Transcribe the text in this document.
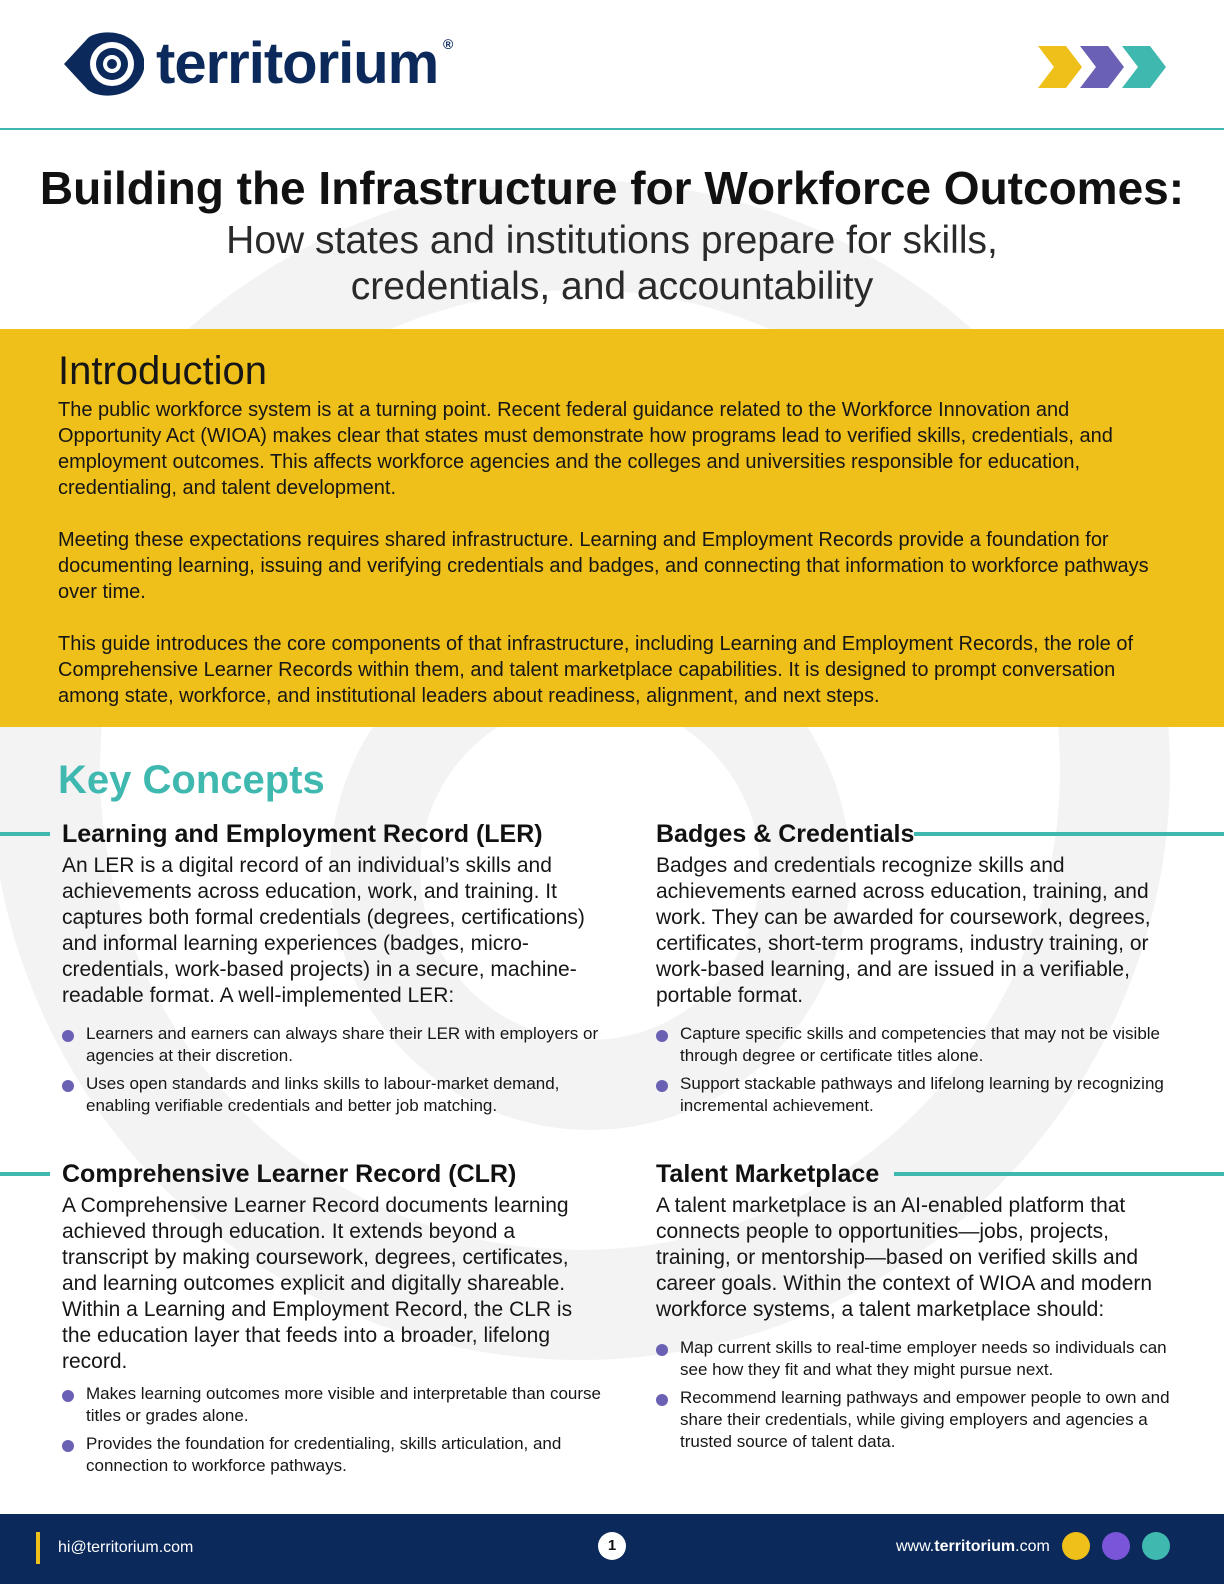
territorium ®
Building the Infrastructure for Workforce Outcomes:
How states and institutions prepare for skills,
credentials, and accountability
Introduction

The public workforce system is at a turning point. Recent federal guidance related to the Workforce Innovation and Opportunity Act (WIOA) makes clear that states must demonstrate how programs lead to verified skills, credentials, and employment outcomes. This affects workforce agencies and the colleges and universities responsible for education, credentialing, and talent development.

Meeting these expectations requires shared infrastructure. Learning and Employment Records provide a foundation for documenting learning, issuing and verifying credentials and badges, and connecting that information to workforce pathways over time.

This guide introduces the core components of that infrastructure, including Learning and Employment Records, the role of Comprehensive Learner Records within them, and talent marketplace capabilities. It is designed to prompt conversation among state, workforce, and institutional leaders about readiness, alignment, and next steps.

Key Concepts
Learning and Employment Record (LER)

An LER is a digital record of an individual’s skills and achievements across education, work, and training. It captures both formal credentials (degrees, certifications) and informal learning experiences (badges, micro-credentials, work-based projects) in a secure, machine-readable format. A well-implemented LER:

Learners and earners can always share their LER with employers or agencies at their discretion.
Uses open standards and links skills to labour-market demand, enabling verifiable credentials and better job matching.
Badges & Credentials

Badges and credentials recognize skills and achievements earned across education, training, and work. They can be awarded for coursework, degrees, certificates, short-term programs, industry training, or work-based learning, and are issued in a verifiable, portable format.

Capture specific skills and competencies that may not be visible through degree or certificate titles alone.
Support stackable pathways and lifelong learning by recognizing incremental achievement.
Comprehensive Learner Record (CLR)

A Comprehensive Learner Record documents learning achieved through education. It extends beyond a transcript by making coursework, degrees, certificates, and learning outcomes explicit and digitally shareable. Within a Learning and Employment Record, the CLR is the education layer that feeds into a broader, lifelong record.

Makes learning outcomes more visible and interpretable than course titles or grades alone.
Provides the foundation for credentialing, skills articulation, and connection to workforce pathways.
Talent Marketplace

A talent marketplace is an AI-enabled platform that connects people to opportunities—jobs, projects, training, or mentorship—based on verified skills and career goals. Within the context of WIOA and modern workforce systems, a talent marketplace should:

Map current skills to real-time employer needs so individuals can see how they fit and what they might pursue next.
Recommend learning pathways and empower people to own and share their credentials, while giving employers and agencies a trusted source of talent data.
hi@territorium.com	1	www.territorium.com
